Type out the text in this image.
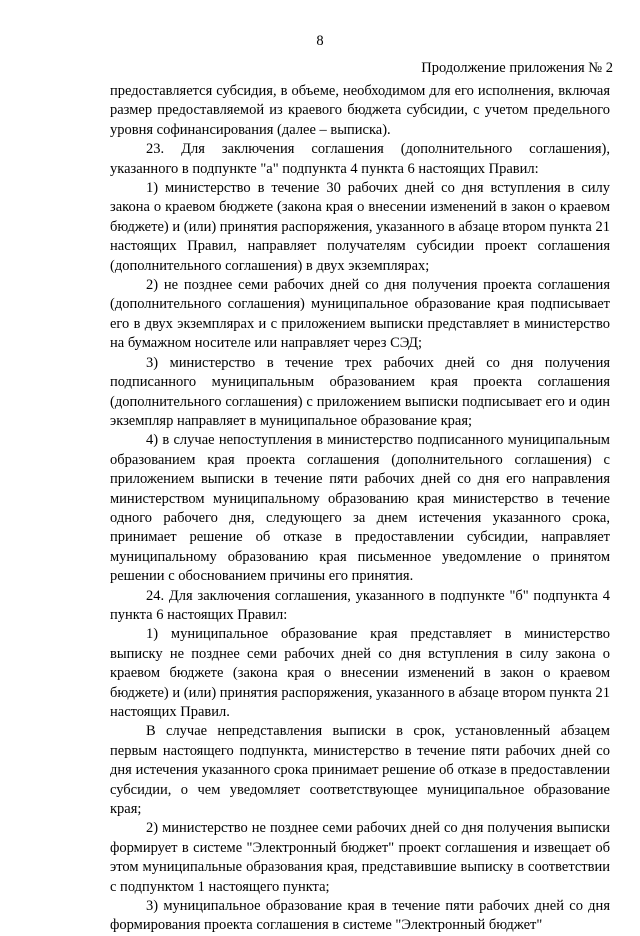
8
Продолжение приложения № 2

предоставляется субсидия, в объеме, необходимом для его исполнения, включая размер предоставляемой из краевого бюджета субсидии, с учетом предельного уровня софинансирования (далее – выписка).

23. Для заключения соглашения (дополнительного соглашения), указанного в подпункте "а" подпункта 4 пункта 6 настоящих Правил:

1) министерство в течение 30 рабочих дней со дня вступления в силу закона о краевом бюджете (закона края о внесении изменений в закон о краевом бюджете) и (или) принятия распоряжения, указанного в абзаце втором пункта 21 настоящих Правил, направляет получателям субсидии проект соглашения (дополнительного соглашения) в двух экземплярах;

2) не позднее семи рабочих дней со дня получения проекта соглашения (дополнительного соглашения) муниципальное образование края подписывает его в двух экземплярах и с приложением выписки представляет в министерство на бумажном носителе или направляет через СЭД;

3) министерство в течение трех рабочих дней со дня получения подписанного муниципальным образованием края проекта соглашения (дополнительного соглашения) с приложением выписки подписывает его и один экземпляр направляет в муниципальное образование края;

4) в случае непоступления в министерство подписанного муниципальным образованием края проекта соглашения (дополнительного соглашения) с приложением выписки в течение пяти рабочих дней со дня его направления министерством муниципальному образованию края министерство в течение одного рабочего дня, следующего за днем истечения указанного срока, принимает решение об отказе в предоставлении субсидии, направляет муниципальному образованию края письменное уведомление о принятом решении с обоснованием причины его принятия.

24. Для заключения соглашения, указанного в подпункте "б" подпункта 4 пункта 6 настоящих Правил:

1) муниципальное образование края представляет в министерство выписку не позднее семи рабочих дней со дня вступления в силу закона о краевом бюджете (закона края о внесении изменений в закон о краевом бюджете) и (или) принятия распоряжения, указанного в абзаце втором пункта 21 настоящих Правил.

В случае непредставления выписки в срок, установленный абзацем первым настоящего подпункта, министерство в течение пяти рабочих дней со дня истечения указанного срока принимает решение об отказе в предоставлении субсидии, о чем уведомляет соответствующее муниципальное образование края;

2) министерство не позднее семи рабочих дней со дня получения выписки формирует в системе "Электронный бюджет" проект соглашения и извещает об этом муниципальные образования края, представившие выписку в соответствии с подпунктом 1 настоящего пункта;

3) муниципальное образование края в течение пяти рабочих дней со дня формирования проекта соглашения в системе "Электронный бюджет"
